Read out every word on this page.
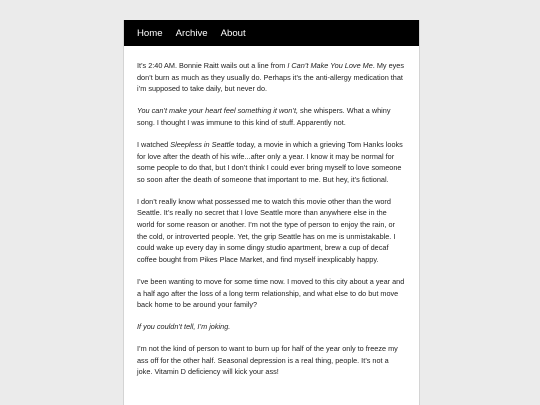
Home Archive About

It’s 2:40 AM. Bonnie Raitt wails out a line from I Can’t Make You Love Me. My eyes don’t burn as much as they usually do. Perhaps it’s the anti-allergy medication that i’m supposed to take daily, but never do.

You can’t make your heart feel something it won’t, she whispers. What a whiny song. I thought I was immune to this kind of stuff. Apparently not.

I watched Sleepless in Seattle today, a movie in which a grieving Tom Hanks looks for love after the death of his wife...after only a year. I know it may be normal for some people to do that, but I don’t think I could ever bring myself to love someone so soon after the death of someone that important to me. But hey, it’s fictional.

I don’t really know what possessed me to watch this movie other than the word Seattle. It’s really no secret that I love Seattle more than anywhere else in the world for some reason or another. I’m not the type of person to enjoy the rain, or the cold, or introverted people. Yet, the grip Seattle has on me is unmistakable. I could wake up every day in some dingy studio apartment, brew a cup of decaf coffee bought from Pikes Place Market, and find myself inexplicably happy.

I’ve been wanting to move for some time now. I moved to this city about a year and a half ago after the loss of a long term relationship, and what else to do but move back home to be around your family?

If you couldn’t tell, I’m joking.

I’m not the kind of person to want to burn up for half of the year only to freeze my ass off for the other half. Seasonal depression is a real thing, people. It’s not a joke. Vitamin D deficiency will kick your ass!
